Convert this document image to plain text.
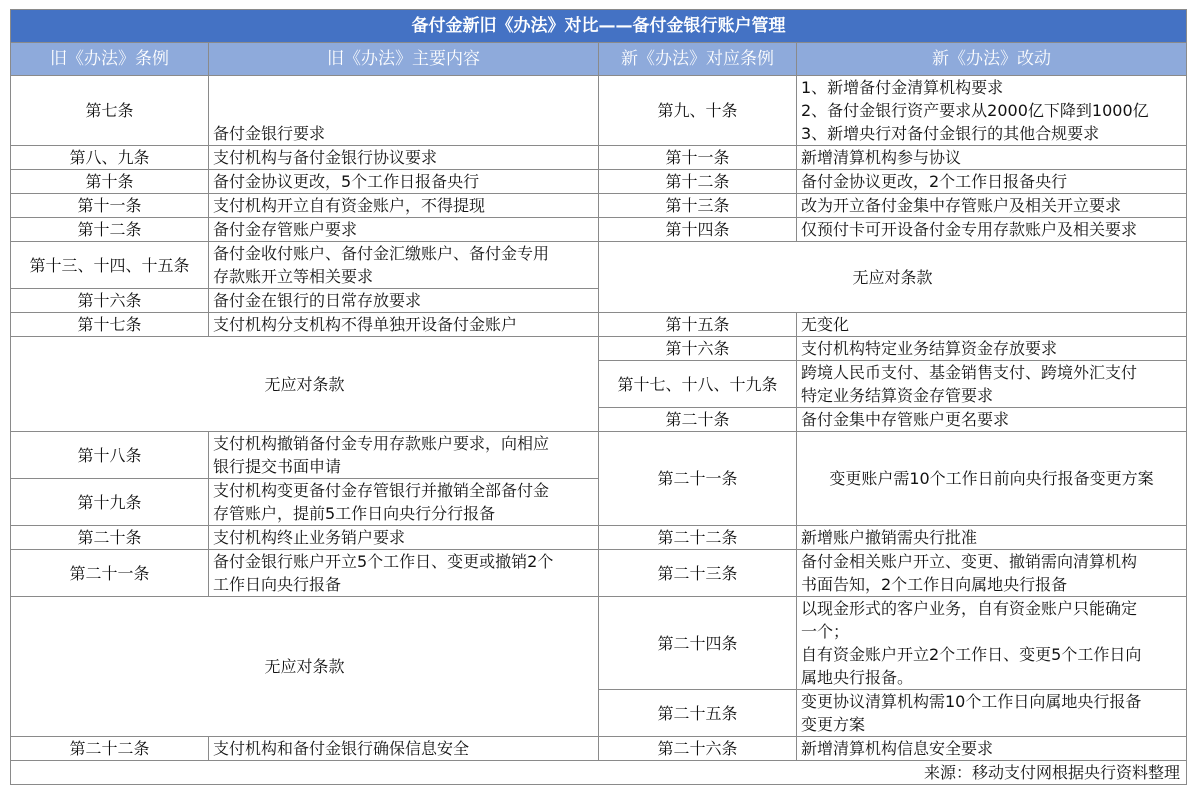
备付金新旧《办法》对比——备付金银行账户管理			
旧《办法》条例	旧《办法》主要内容	新《办法》对应条例	新《办法》改动
第七条	备付金银行要求	第九、十条	1、新增备付金清算机构要求
2、备付金银行资产要求从2000亿下降到1000亿
3、新增央行对备付金银行的其他合规要求

第八、九条	支付机构与备付金银行协议要求	第十一条	新增清算机构参与协议
第十条	备付金协议更改，5个工作日报备央行	第十二条	备付金协议更改，2个工作日报备央行
第十一条	支付机构开立自有资金账户，不得提现	第十三条	改为开立备付金集中存管账户及相关开立要求
第十二条	备付金存管账户要求	第十四条	仅预付卡可开设备付金专用存款账户及相关要求
第十三、十四、十五条	备付金收付账户、备付金汇缴账户、备付金专用
存款账开立等相关要求	无应对条款	
第十六条	备付金在银行的日常存放要求		
第十七条	支付机构分支机构不得单独开设备付金账户	第十五条	无变化
无应对条款		第十六条	支付机构特定业务结算资金存放要求
		第十七、十八、十九条	跨境人民币支付、基金销售支付、跨境外汇支付
特定业务结算资金存管要求

		第二十条	备付金集中存管账户更名要求
第十八条	支付机构撤销备付金专用存款账户要求，向相应
银行提交书面申请	第二十一条	变更账户需10个工作日前向央行报备变更方案
第十九条	支付机构变更备付金存管银行并撤销全部备付金
存管账户，提前5工作日向央行分行报备		

第二十条	支付机构终止业务销户要求	第二十二条	新增账户撤销需央行批准
第二十一条	备付金银行账户开立5个工作日、变更或撤销2个
工作日向央行报备	第二十三条	备付金相关账户开立、变更、撤销需向清算机构
书面告知，2个工作日向属地央行报备

无应对条款		第二十四条	以现金形式的客户业务，自有资金账户只能确定
一个；
自有资金账户开立2个工作日、变更5个工作日向
属地央行报备。

		第二十五条	变更协议清算机构需10个工作日向属地央行报备
变更方案

第二十二条	支付机构和备付金银行确保信息安全	第二十六条	新增清算机构信息安全要求
来源：移动支付网根据央行资料整理			
